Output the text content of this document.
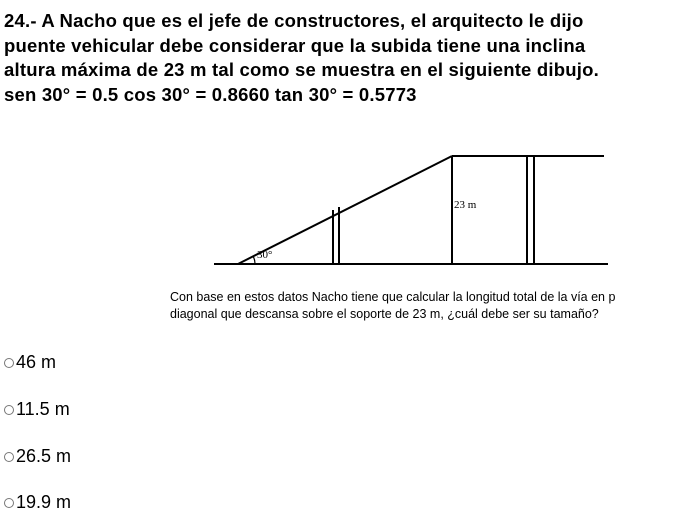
24.- A Nacho que es el jefe de constructores, el arquitecto le dijo
puente vehicular debe considerar que la subida tiene una inclina
altura máxima de 23 m tal como se muestra en el siguiente dibujo.
sen 30° = 0.5 cos 30° = 0.8660 tan 30° = 0.5773
30°
23 m
Con base en estos datos Nacho tiene que calcular la longitud total de la vía en p
diagonal que descansa sobre el soporte de 23 m, ¿cuál debe ser su tamaño?
46 m
11.5 m
26.5 m
19.9 m
